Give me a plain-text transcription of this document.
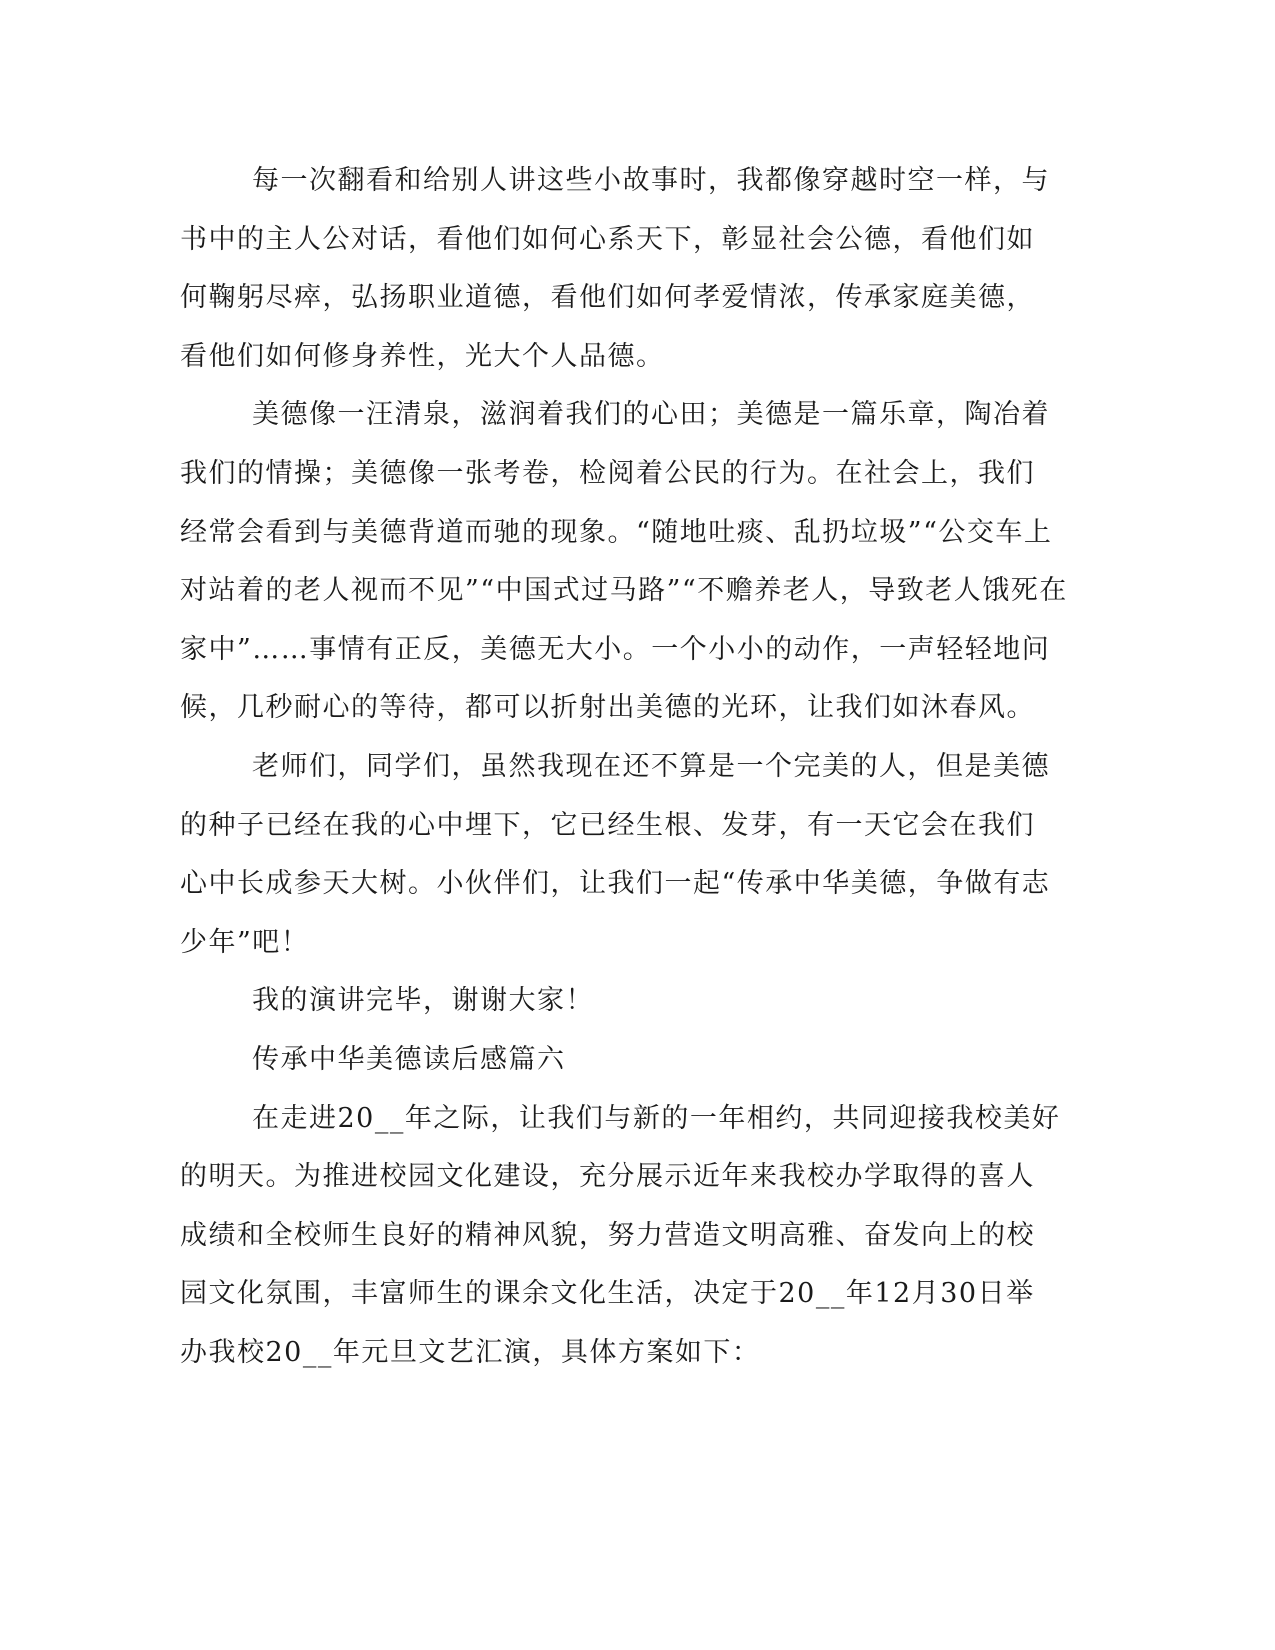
每一次翻看和给别人讲这些小故事时，我都像穿越时空一样，与
书中的主人公对话，看他们如何心系天下，彰显社会公德，看他们如
何鞠躬尽瘁，弘扬职业道德，看他们如何孝爱情浓，传承家庭美德，
看他们如何修身养性，光大个人品德。

美德像一汪清泉，滋润着我们的心田；美德是一篇乐章，陶冶着
我们的情操；美德像一张考卷，检阅着公民的行为。在社会上，我们
经常会看到与美德背道而驰的现象。“随地吐痰、乱扔垃圾”“公交车上
对站着的老人视而不见”“中国式过马路”“不赡养老人，导致老人饿死在
家中”……事情有正反，美德无大小。一个小小的动作，一声轻轻地问
候，几秒耐心的等待，都可以折射出美德的光环，让我们如沐春风。

老师们，同学们，虽然我现在还不算是一个完美的人，但是美德
的种子已经在我的心中埋下，它已经生根、发芽，有一天它会在我们
心中长成参天大树。小伙伴们，让我们一起“传承中华美德，争做有志
少年”吧！

我的演讲完毕，谢谢大家！

传承中华美德读后感篇六

在走进20__年之际，让我们与新的一年相约，共同迎接我校美好
的明天。为推进校园文化建设，充分展示近年来我校办学取得的喜人
成绩和全校师生良好的精神风貌，努力营造文明高雅、奋发向上的校
园文化氛围，丰富师生的课余文化生活，决定于20__年12月30日举
办我校20__年元旦文艺汇演，具体方案如下：
